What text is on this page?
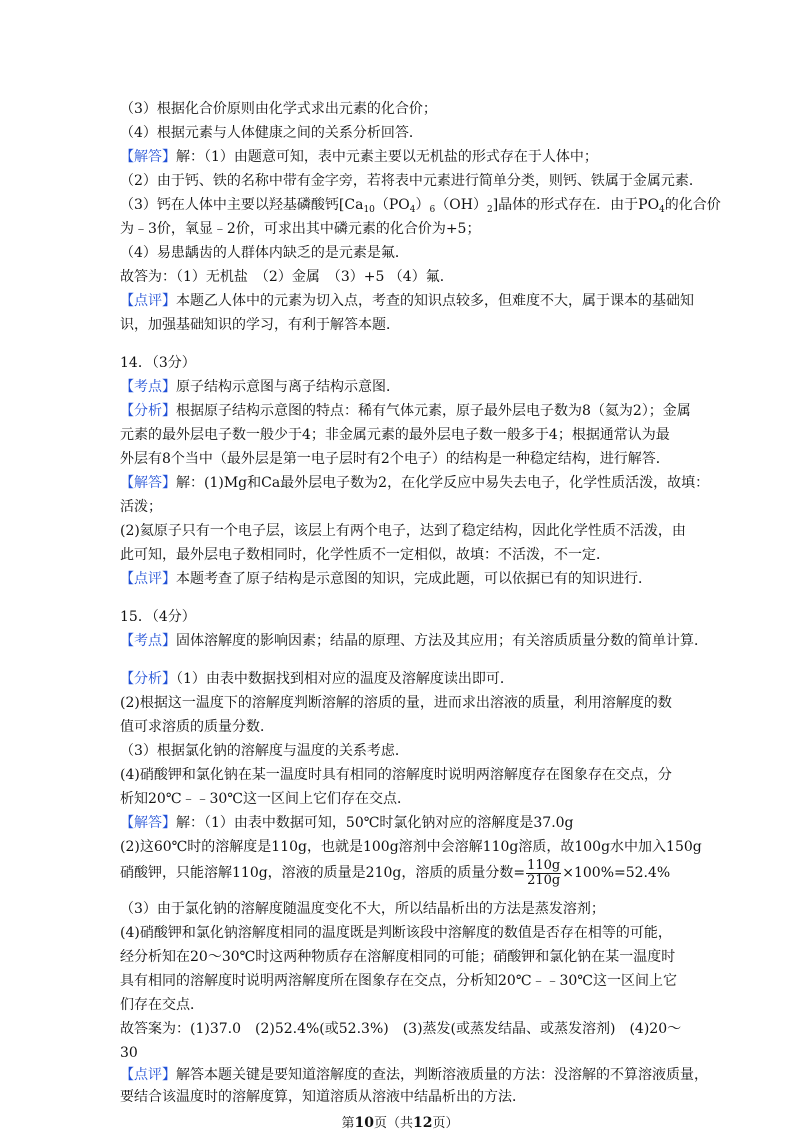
（3）根据化合价原则由化学式求出元素的化合价；
（4）根据元素与人体健康之间的关系分析回答．
【解答】解：（1）由题意可知，表中元素主要以无机盐的形式存在于人体中；
（2）由于钙、铁的名称中带有金字旁，若将表中元素进行简单分类，则钙、铁属于金属元素．
（3）钙在人体中主要以羟基磷酸钙$[Ca_{10}(PO_4)_6(OH)_2]$晶体的形式存在．由于$PO_4$的化合价
为﹣3价，氧显﹣2价，可求出其中磷元素的化合价为+5；
（4）易患龋齿的人群体内缺乏的是元素是氟．
故答为：（1）无机盐　（2）金属　（3）+5 （4）氟．
【点评】本题乙人体中的元素为切入点，考查的知识点较多，但难度不大，属于课本的基础知
识，加强基础知识的学习，有利于解答本题．
14．（3分）
【考点】原子结构示意图与离子结构示意图．
【分析】根据原子结构示意图的特点：稀有气体元素，原子最外层电子数为8（氦为2）；金属
元素的最外层电子数一般少于4；非金属元素的最外层电子数一般多于4；根据通常认为最
外层有8个当中（最外层是第一电子层时有2个电子）的结构是一种稳定结构，进行解答．
【解答】解：(1)Mg和Ca最外层电子数为2，在化学反应中易失去电子，化学性质活泼，故填：
活泼；
(2)氦原子只有一个电子层，该层上有两个电子，达到了稳定结构，因此化学性质不活泼，由
此可知，最外层电子数相同时，化学性质不一定相似，故填：不活泼，不一定．
【点评】本题考查了原子结构是示意图的知识，完成此题，可以依据已有的知识进行．
15．（4分）
【考点】固体溶解度的影响因素；结晶的原理、方法及其应用；有关溶质质量分数的简单计算．
【分析】（1）由表中数据找到相对应的温度及溶解度读出即可．
(2)根据这一温度下的溶解度判断溶解的溶质的量，进而求出溶液的质量，利用溶解度的数
值可求溶质的质量分数．
（3）根据氯化钠的溶解度与温度的关系考虑．
(4)硝酸钾和氯化钠在某一温度时具有相同的溶解度时说明两溶解度存在图象存在交点，分
析知20℃﹣﹣30℃这一区间上它们存在交点．
【解答】解：（1）由表中数据可知，50℃时氯化钠对应的溶解度是37.0g
(2)这60℃时的溶解度是110g，也就是100g溶剂中会溶解110g溶质，故100g水中加入150g
硝酸钾，只能溶解110g，溶液的质量是210g，溶质的质量分数= $\frac{110g}{210g} \times 100\%=52.4\%$
（3）由于氯化钠的溶解度随温度变化不大，所以结晶析出的方法是蒸发溶剂；
(4)硝酸钾和氯化钠溶解度相同的温度既是判断该段中溶解度的数值是否存在相等的可能，
经分析知在20～30℃时这两种物质存在溶解度相同的可能；硝酸钾和氯化钠在某一温度时
具有相同的溶解度时说明两溶解度所在图象存在交点，分析知20℃﹣﹣30℃这一区间上它
们存在交点．
故答案为：(1)37.0　(2)52.4%(或52.3%)　(3)蒸发(或蒸发结晶、或蒸发溶剂)　(4)20～
30
【点评】解答本题关键是要知道溶解度的查法，判断溶液质量的方法：没溶解的不算溶液质量，
要结合该温度时的溶解度算，知道溶质从溶液中结晶析出的方法．
第10页（共12页）
